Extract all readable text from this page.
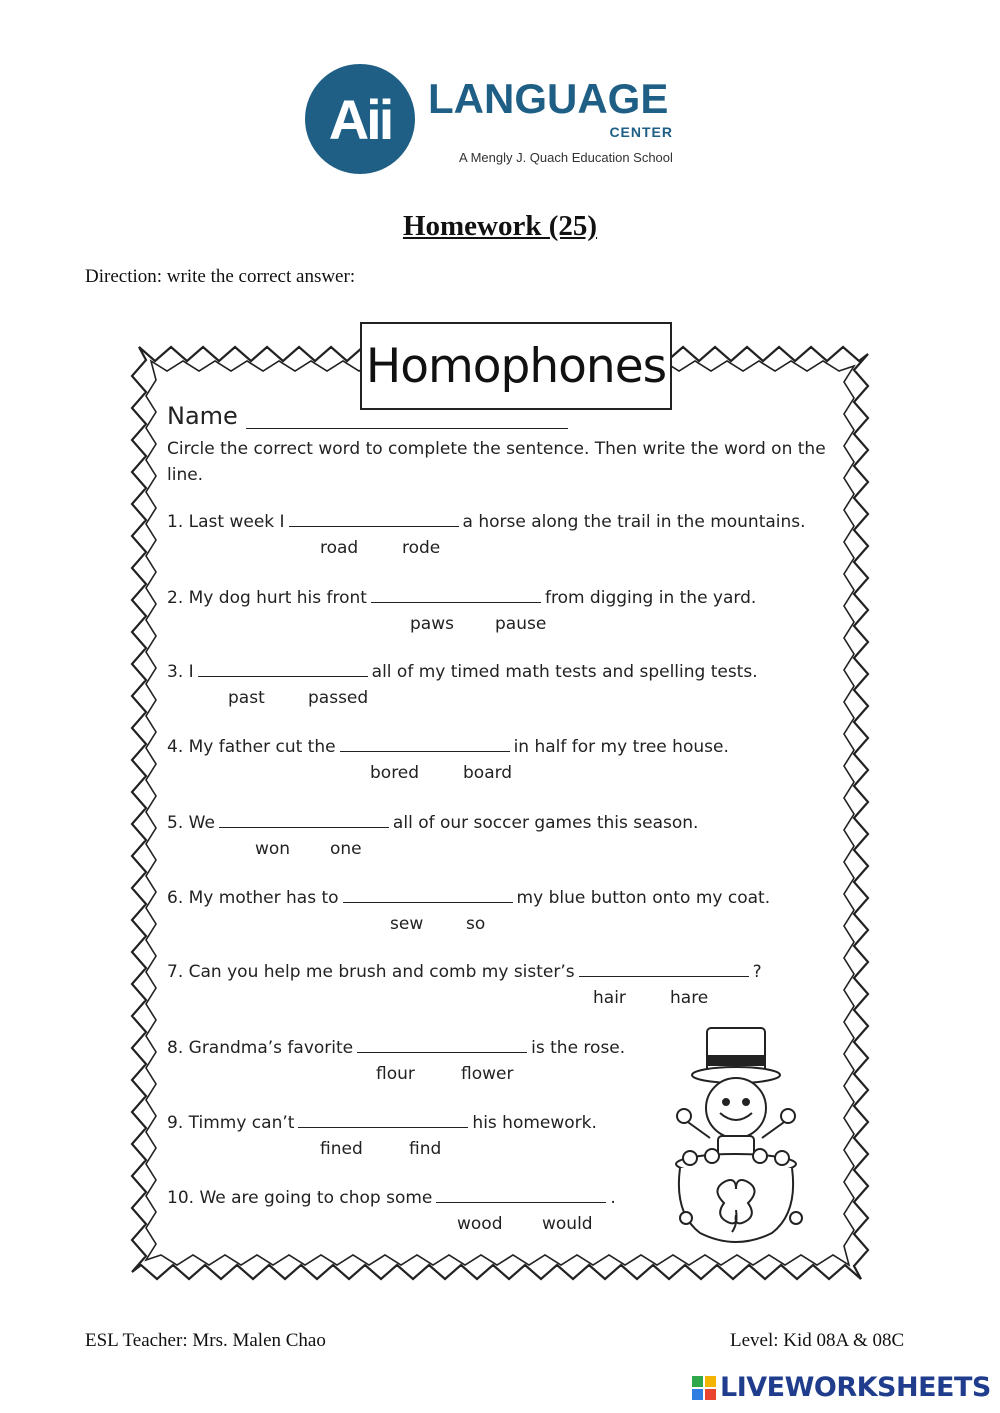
Aii LANGUAGE
CENTER
A Mengly J. Quach Education School
Homework (25)
Direction: write the correct answer:
Homophones
Name
Circle the correct word to complete the sentence. Then write the word on the line.
1. Last week I	a horse along the trail in the mountains.
road	rode
2. My dog hurt his front	from digging in the yard.
paws pause
3. I	all of my timed math tests and spelling tests.
past	passed
4. My father cut the	in half for my tree house.
bored	board
5. We	all of our soccer games this season.
won one
6. My mother has to	my blue button onto my coat.
sew	so
7. Can you help me brush and comb my sister’s	?
hair	hare
8. Grandma’s favorite	is the rose.
flour	flower
9. Timmy can’t	his homework.
fined	find
10. We are going to chop some	.
wood would
ESL Teacher: Mrs. Malen Chao	Level: Kid 08A & 08C
LIVEWORKSHEETS
